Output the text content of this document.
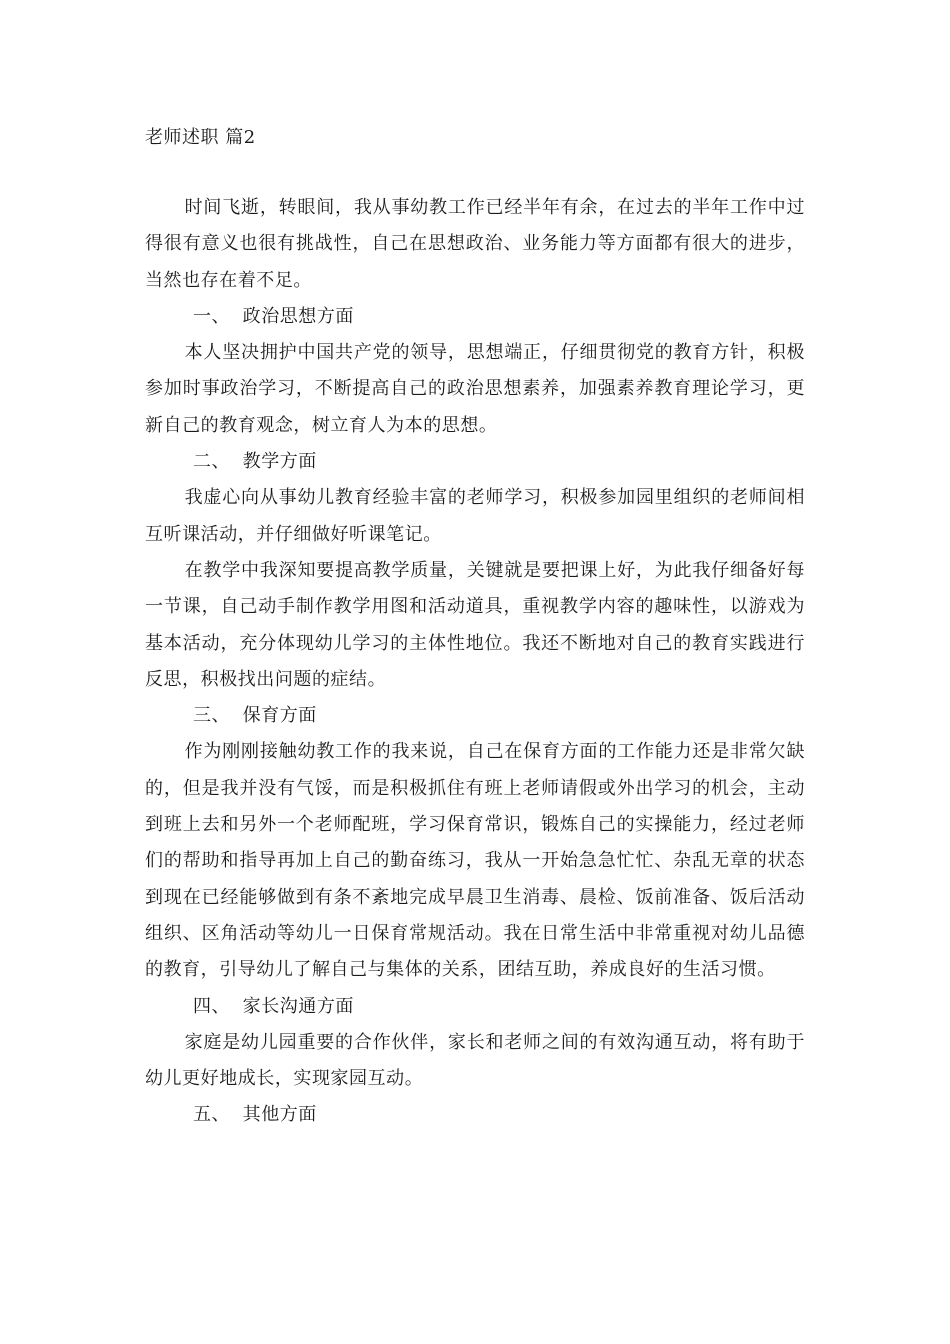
老师述职 篇2

时间飞逝，转眼间，我从事幼教工作已经半年有余，在过去的半年工作中过得很有意义也很有挑战性，自己在思想政治、业务能力等方面都有很大的进步，当然也存在着不足。

一、  政治思想方面

本人坚决拥护中国共产党的领导，思想端正，仔细贯彻党的教育方针，积极参加时事政治学习，不断提高自己的政治思想素养，加强素养教育理论学习，更新自己的教育观念，树立育人为本的思想。

二、  教学方面

我虚心向从事幼儿教育经验丰富的老师学习，积极参加园里组织的老师间相互听课活动，并仔细做好听课笔记。

在教学中我深知要提高教学质量，关键就是要把课上好，为此我仔细备好每一节课，自己动手制作教学用图和活动道具，重视教学内容的趣味性，以游戏为基本活动，充分体现幼儿学习的主体性地位。我还不断地对自己的教育实践进行反思，积极找出问题的症结。

三、  保育方面

作为刚刚接触幼教工作的我来说，自己在保育方面的工作能力还是非常欠缺的，但是我并没有气馁，而是积极抓住有班上老师请假或外出学习的机会，主动到班上去和另外一个老师配班，学习保育常识，锻炼自己的实操能力，经过老师们的帮助和指导再加上自己的勤奋练习，我从一开始急急忙忙、杂乱无章的状态到现在已经能够做到有条不紊地完成早晨卫生消毒、晨检、饭前准备、饭后活动组织、区角活动等幼儿一日保育常规活动。我在日常生活中非常重视对幼儿品德的教育，引导幼儿了解自己与集体的关系，团结互助，养成良好的生活习惯。

四、  家长沟通方面

家庭是幼儿园重要的合作伙伴，家长和老师之间的有效沟通互动，将有助于幼儿更好地成长，实现家园互动。

五、  其他方面
